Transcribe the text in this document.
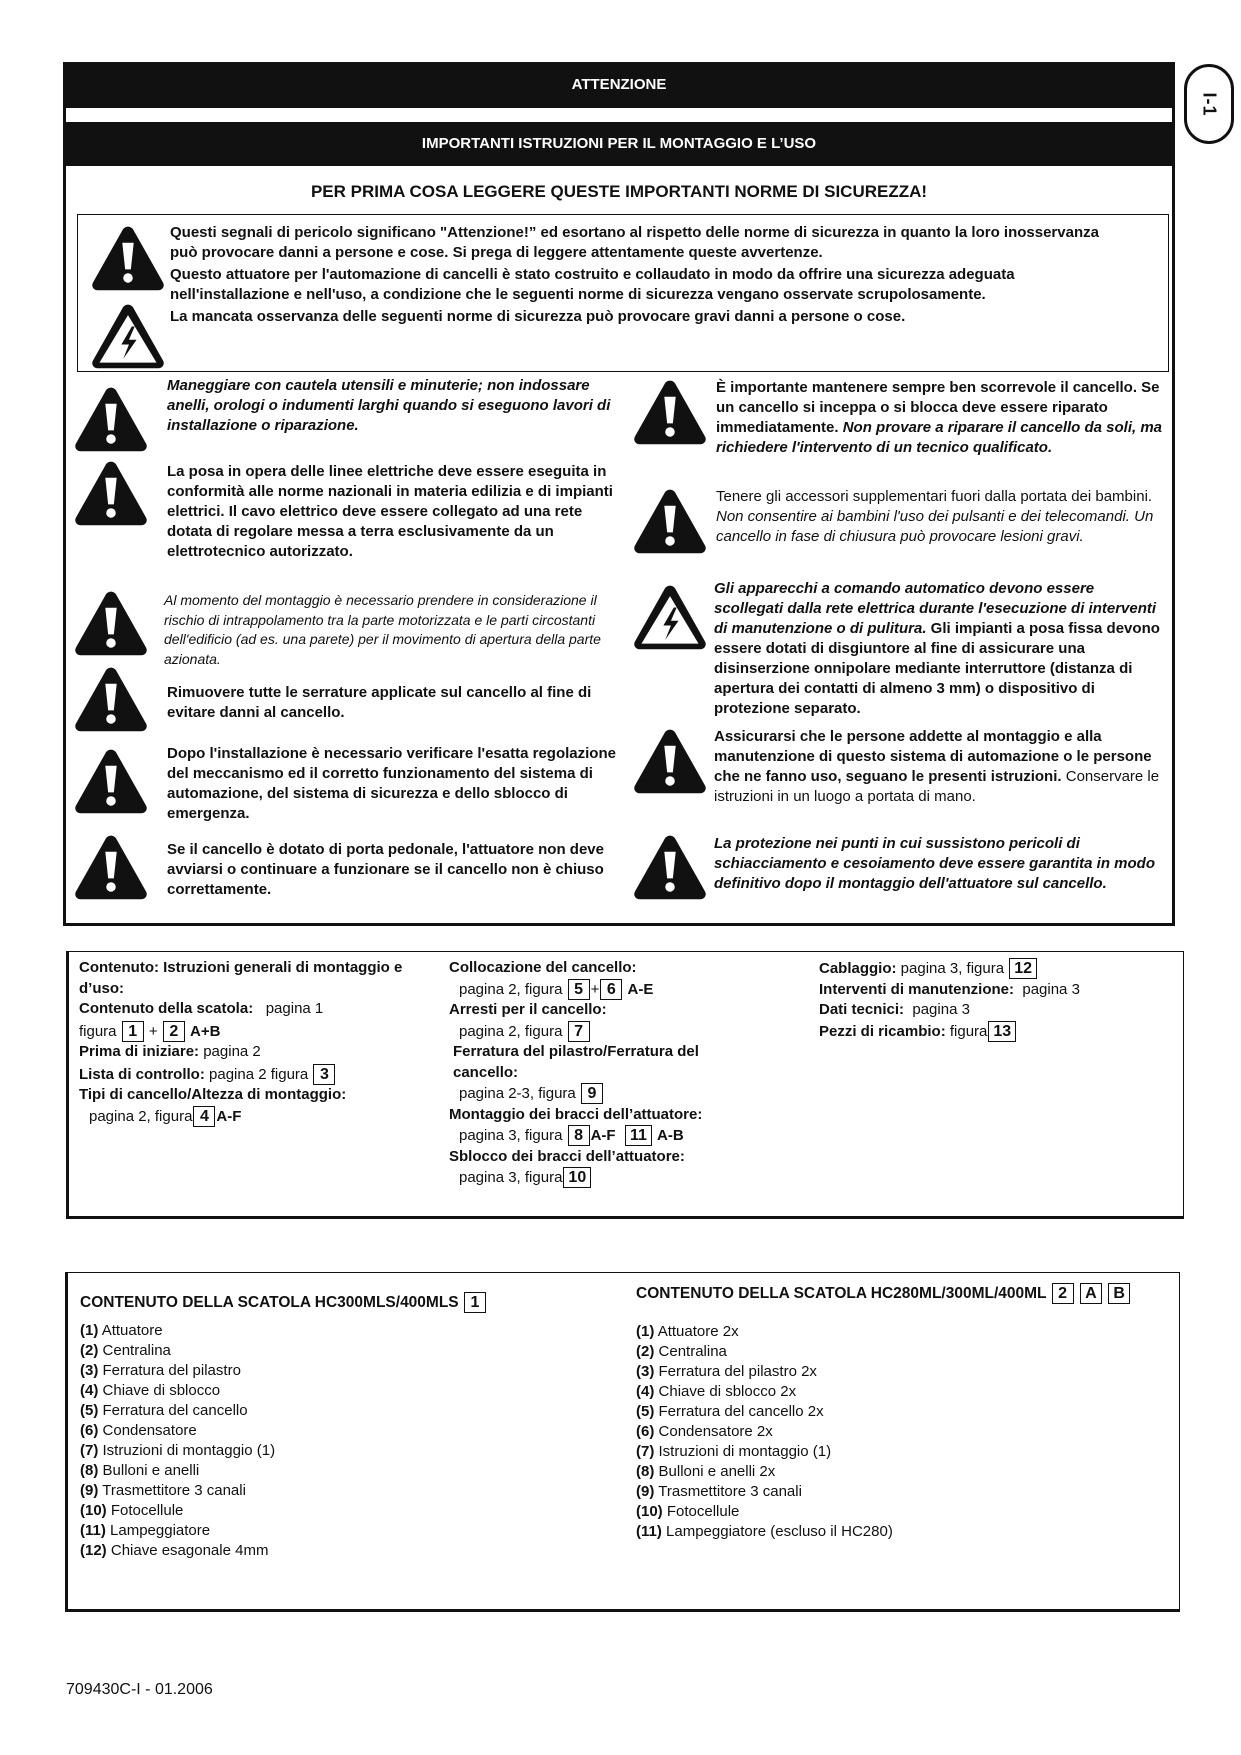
I-1
ATTENZIONE
IMPORTANTI ISTRUZIONI PER IL MONTAGGIO E L’USO
PER PRIMA COSA LEGGERE QUESTE IMPORTANTI NORME DI SICUREZZA!

Questi segnali di pericolo significano "Attenzione!” ed esortano al rispetto delle norme di sicurezza in quanto la loro inosservanza può provocare danni a persone e cose. Si prega di leggere attentamente queste avvertenze.

Questo attuatore per l'automazione di cancelli è stato costruito e collaudato in modo da offrire una sicurezza adeguata nell'installazione e nell'uso, a condizione che le seguenti norme di sicurezza vengano osservate scrupolosamente.

La mancata osservanza delle seguenti norme di sicurezza può provocare gravi danni a persone o cose.

Maneggiare con cautela utensili e minuterie; non indossare anelli, orologi o indumenti larghi quando si eseguono lavori di installazione o riparazione.
La posa in opera delle linee elettriche deve essere eseguita in conformità alle norme nazionali in materia edilizia e di impianti elettrici. Il cavo elettrico deve essere collegato ad una rete dotata di regolare messa a terra esclusivamente da un elettrotecnico autorizzato.
Al momento del montaggio è necessario prendere in considerazione il rischio di intrappolamento tra la parte motorizzata e le parti circostanti dell'edificio (ad es. una parete) per il movimento di apertura della parte azionata.
Rimuovere tutte le serrature applicate sul cancello al fine di evitare danni al cancello.
Dopo l'installazione è necessario verificare l'esatta regolazione del meccanismo ed il corretto funzionamento del sistema di automazione, del sistema di sicurezza e dello sblocco di emergenza.
Se il cancello è dotato di porta pedonale, l'attuatore non deve avviarsi o continuare a funzionare se il cancello non è chiuso correttamente.
È importante mantenere sempre ben scorrevole il cancello. Se un cancello si inceppa o si blocca deve essere riparato immediatamente. Non provare a riparare il cancello da soli, ma richiedere l'intervento di un tecnico qualificato.
Tenere gli accessori supplementari fuori dalla portata dei bambini. Non consentire ai bambini l'uso dei pulsanti e dei telecomandi. Un cancello in fase di chiusura può provocare lesioni gravi.
Gli apparecchi a comando automatico devono essere scollegati dalla rete elettrica durante l'esecuzione di interventi di manutenzione o di pulitura. Gli impianti a posa fissa devono essere dotati di disgiuntore al fine di assicurare una disinserzione onnipolare mediante interruttore (distanza di apertura dei contatti di almeno 3 mm) o dispositivo di protezione separato.
Assicurarsi che le persone addette al montaggio e alla manutenzione di questo sistema di automazione o le persone che ne fanno uso, seguano le presenti istruzioni. Conservare le istruzioni in un luogo a portata di mano.
La protezione nei punti in cui sussistono pericoli di schiacciamento e cesoiamento deve essere garantita in modo definitivo dopo il montaggio dell'attuatore sul cancello.
Contenuto: Istruzioni generali di montaggio e d’uso:
Contenuto della scatola: pagina 1
figura 1 + 2 A+B
Prima di iniziare: pagina 2
Lista di controllo: pagina 2 figura 3
Tipi di cancello/Altezza di montaggio:
pagina 2, figura 4 A-F
Collocazione del cancello:
pagina 2, figura 5 + 6 A-E
Arresti per il cancello:
pagina 2, figura 7
Ferratura del pilastro/Ferratura del cancello:
pagina 2-3, figura 9
Montaggio dei bracci dell’attuatore:
pagina 3, figura 8 A-F 11 A-B
Sblocco dei bracci dell’attuatore:
pagina 3, figura 10
Cablaggio: pagina 3, figura 12
Interventi di manutenzione: pagina 3
Dati tecnici: pagina 3
Pezzi di ricambio: figura 13
CONTENUTO DELLA SCATOLA HC300MLS/400MLS 1
(1) Attuatore
(2) Centralina
(3) Ferratura del pilastro
(4) Chiave di sblocco
(5) Ferratura del cancello
(6) Condensatore
(7) Istruzioni di montaggio (1)
(8) Bulloni e anelli
(9) Trasmettitore 3 canali
(10) Fotocellule
(11) Lampeggiatore
(12) Chiave esagonale 4mm
CONTENUTO DELLA SCATOLA HC280ML/300ML/400ML 2 A B
(1) Attuatore 2x
(2) Centralina
(3) Ferratura del pilastro 2x
(4) Chiave di sblocco 2x
(5) Ferratura del cancello 2x
(6) Condensatore 2x
(7) Istruzioni di montaggio (1)
(8) Bulloni e anelli 2x
(9) Trasmettitore 3 canali
(10) Fotocellule
(11) Lampeggiatore (escluso il HC280)
709430C-I - 01.2006
